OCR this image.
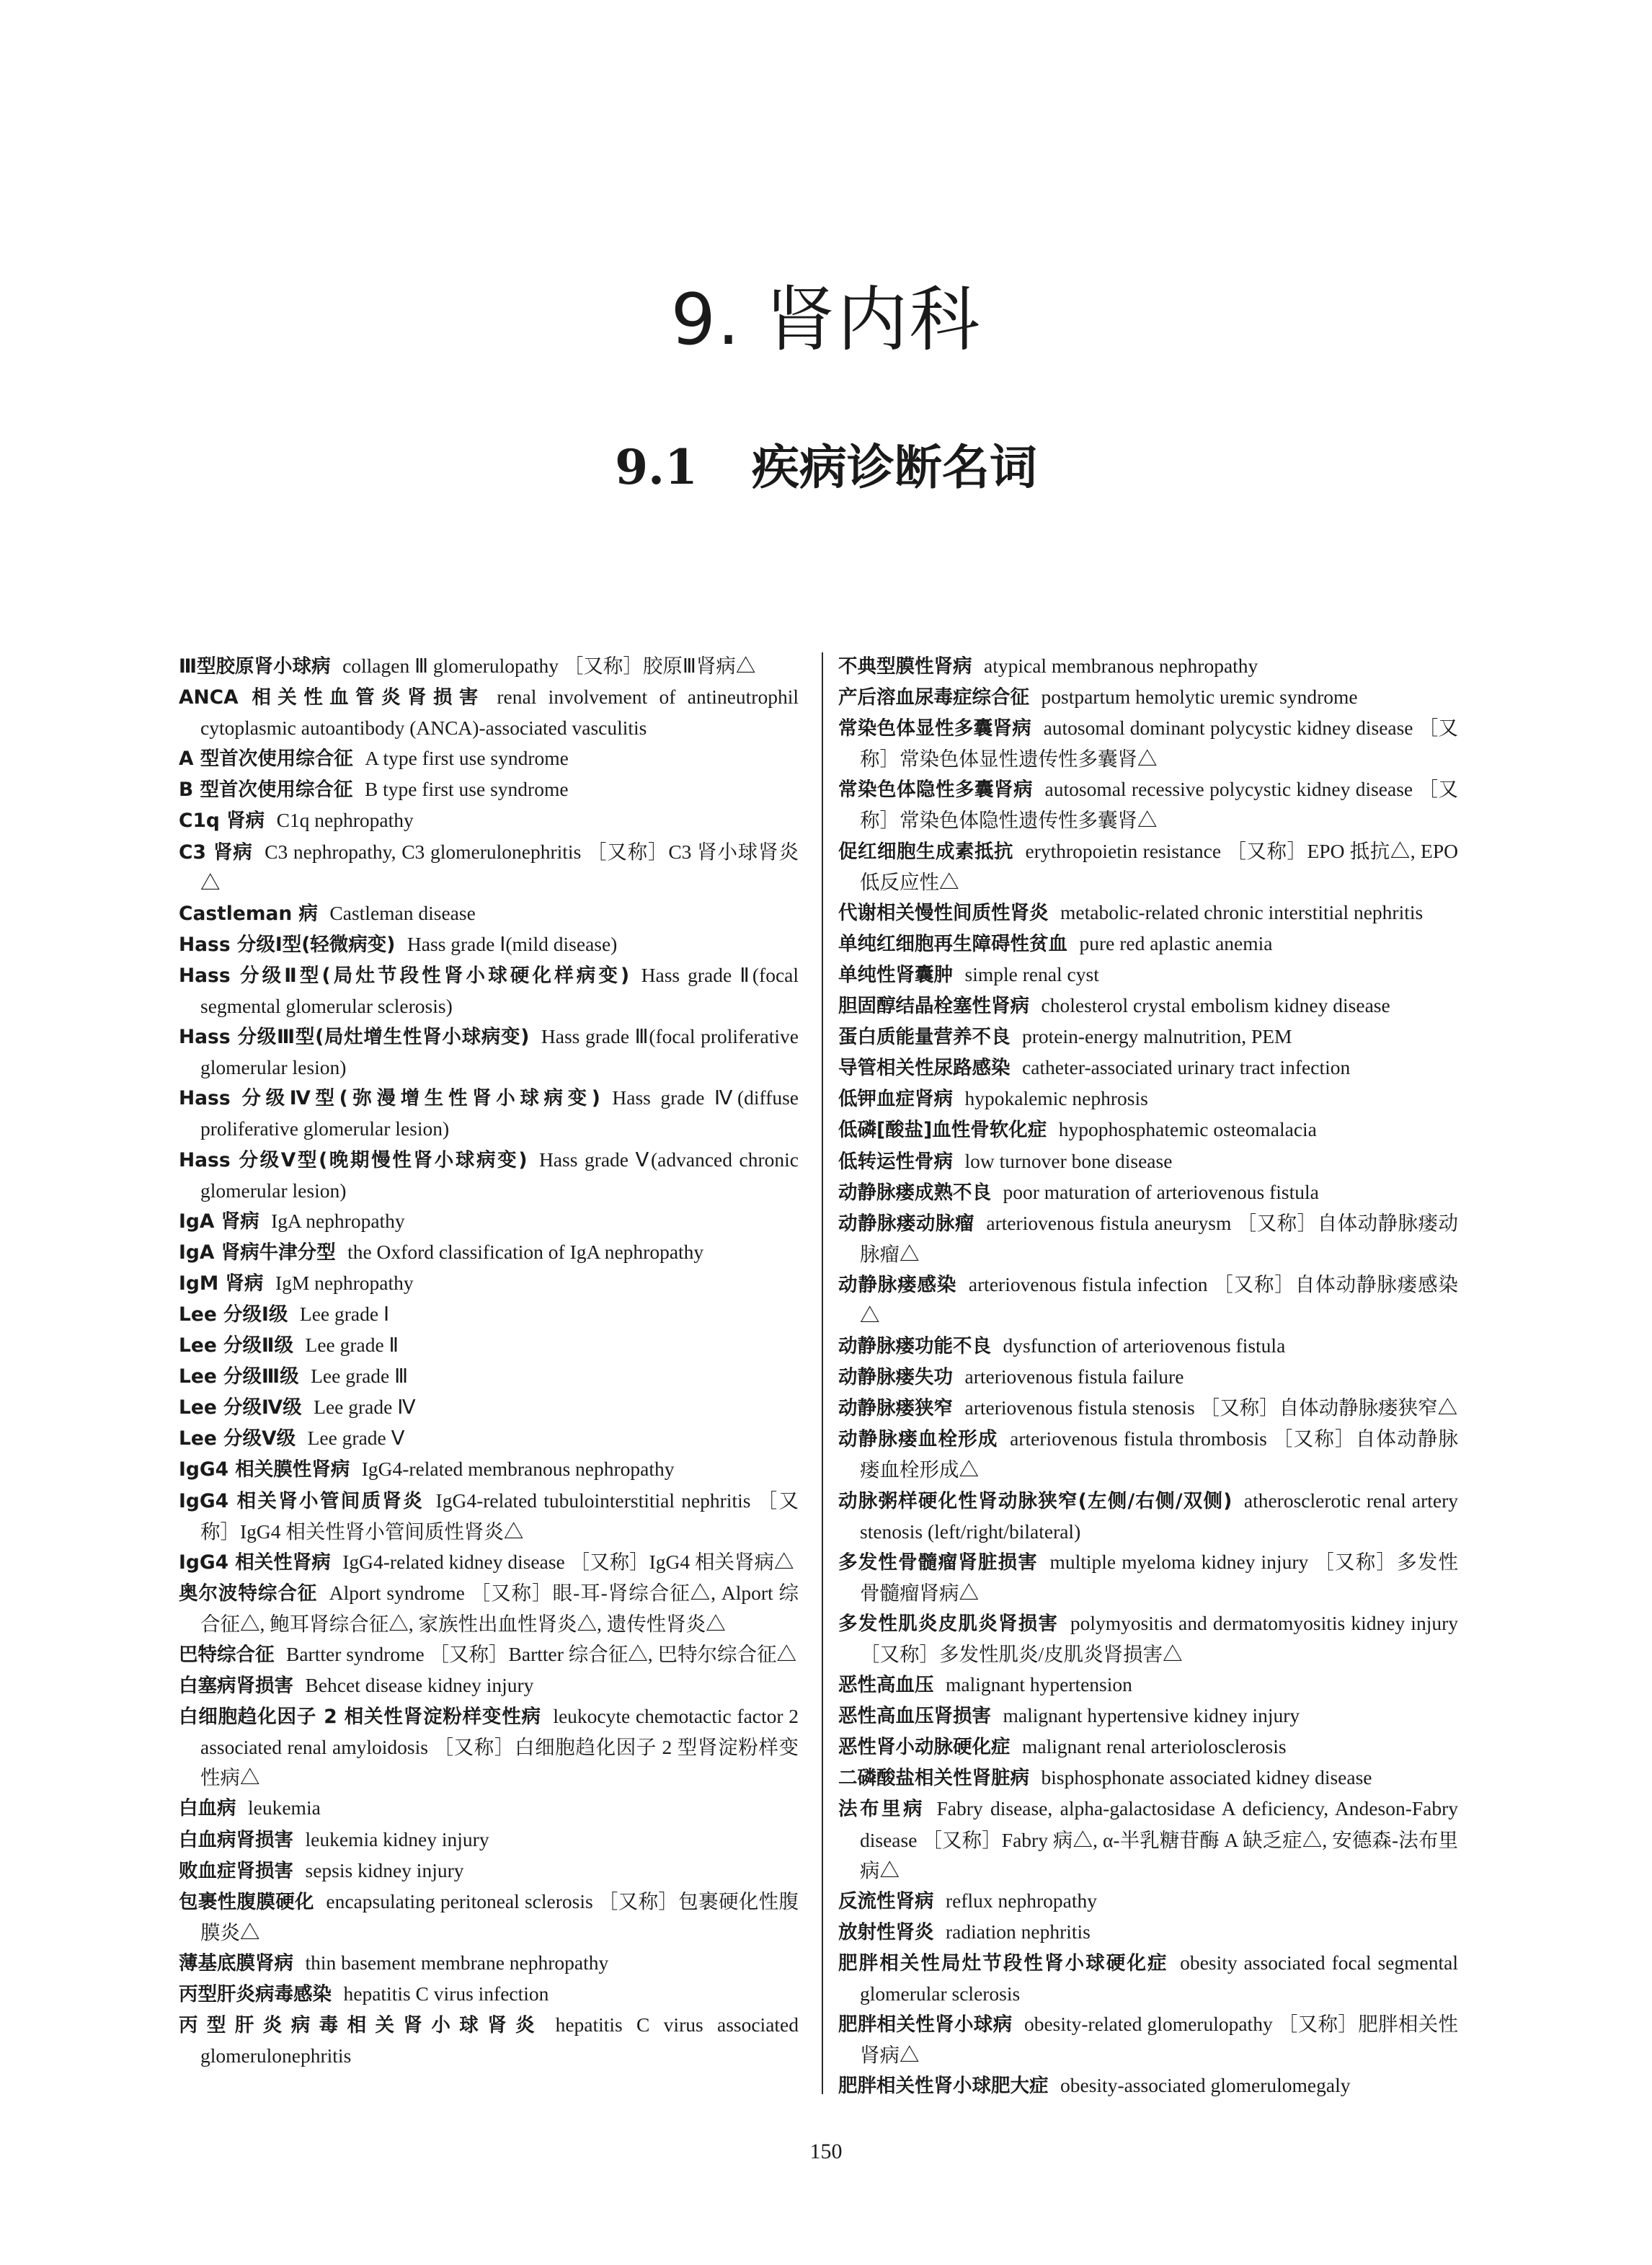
9. 肾内科
9.1 疾病诊断名词
Ⅲ型胶原肾小球病 collagen Ⅲ glomerulopathy ［又称］胶原Ⅲ肾病△
ANCA 相关性血管炎肾损害 renal involvement of antineutrophil cytoplasmic autoantibody (ANCA)-associated vasculitis
A 型首次使用综合征 A type first use syndrome
B 型首次使用综合征 B type first use syndrome
C1q 肾病 C1q nephropathy
C3 肾病 C3 nephropathy, C3 glomerulonephritis ［又称］C3 肾小球肾炎△
Castleman 病 Castleman disease
Hass 分级Ⅰ型(轻微病变) Hass grade Ⅰ(mild disease)
Hass 分级Ⅱ型(局灶节段性肾小球硬化样病变) Hass grade Ⅱ(focal segmental glomerular sclerosis)
Hass 分级Ⅲ型(局灶增生性肾小球病变) Hass grade Ⅲ(focal proliferative glomerular lesion)
Hass 分级Ⅳ型(弥漫增生性肾小球病变) Hass grade Ⅳ(diffuse proliferative glomerular lesion)
Hass 分级Ⅴ型(晚期慢性肾小球病变) Hass grade Ⅴ(advanced chronic glomerular lesion)
IgA 肾病 IgA nephropathy
IgA 肾病牛津分型 the Oxford classification of IgA nephropathy
IgM 肾病 IgM nephropathy
Lee 分级Ⅰ级 Lee grade Ⅰ
Lee 分级Ⅱ级 Lee grade Ⅱ
Lee 分级Ⅲ级 Lee grade Ⅲ
Lee 分级Ⅳ级 Lee grade Ⅳ
Lee 分级Ⅴ级 Lee grade Ⅴ
IgG4 相关膜性肾病 IgG4-related membranous nephropathy
IgG4 相关肾小管间质肾炎 IgG4-related tubulointerstitial nephritis ［又称］IgG4 相关性肾小管间质性肾炎△
IgG4 相关性肾病 IgG4-related kidney disease ［又称］IgG4 相关肾病△
奥尔波特综合征 Alport syndrome ［又称］眼-耳-肾综合征△, Alport 综合征△, 鲍耳肾综合征△, 家族性出血性肾炎△, 遗传性肾炎△
巴特综合征 Bartter syndrome ［又称］Bartter 综合征△, 巴特尔综合征△
白塞病肾损害 Behcet disease kidney injury
白细胞趋化因子 2 相关性肾淀粉样变性病 leukocyte chemotactic factor 2 associated renal amyloidosis ［又称］白细胞趋化因子 2 型肾淀粉样变性病△
白血病 leukemia
白血病肾损害 leukemia kidney injury
败血症肾损害 sepsis kidney injury
包裹性腹膜硬化 encapsulating peritoneal sclerosis ［又称］包裹硬化性腹膜炎△
薄基底膜肾病 thin basement membrane nephropathy
丙型肝炎病毒感染 hepatitis C virus infection
丙型肝炎病毒相关肾小球肾炎 hepatitis C virus associated glomerulonephritis
不典型膜性肾病 atypical membranous nephropathy
产后溶血尿毒症综合征 postpartum hemolytic uremic syndrome
常染色体显性多囊肾病 autosomal dominant polycystic kidney disease ［又称］常染色体显性遗传性多囊肾△
常染色体隐性多囊肾病 autosomal recessive polycystic kidney disease ［又称］常染色体隐性遗传性多囊肾△
促红细胞生成素抵抗 erythropoietin resistance ［又称］EPO 抵抗△, EPO 低反应性△
代谢相关慢性间质性肾炎 metabolic-related chronic interstitial nephritis
单纯红细胞再生障碍性贫血 pure red aplastic anemia
单纯性肾囊肿 simple renal cyst
胆固醇结晶栓塞性肾病 cholesterol crystal embolism kidney disease
蛋白质能量营养不良 protein-energy malnutrition, PEM
导管相关性尿路感染 catheter-associated urinary tract infection
低钾血症肾病 hypokalemic nephrosis
低磷[酸盐]血性骨软化症 hypophosphatemic osteomalacia
低转运性骨病 low turnover bone disease
动静脉瘘成熟不良 poor maturation of arteriovenous fistula
动静脉瘘动脉瘤 arteriovenous fistula aneurysm ［又称］自体动静脉瘘动脉瘤△
动静脉瘘感染 arteriovenous fistula infection ［又称］自体动静脉瘘感染△
动静脉瘘功能不良 dysfunction of arteriovenous fistula
动静脉瘘失功 arteriovenous fistula failure
动静脉瘘狭窄 arteriovenous fistula stenosis ［又称］自体动静脉瘘狭窄△
动静脉瘘血栓形成 arteriovenous fistula thrombosis ［又称］自体动静脉瘘血栓形成△
动脉粥样硬化性肾动脉狭窄(左侧/右侧/双侧) atherosclerotic renal artery stenosis (left/right/bilateral)
多发性骨髓瘤肾脏损害 multiple myeloma kidney injury ［又称］多发性骨髓瘤肾病△
多发性肌炎皮肌炎肾损害 polymyositis and dermatomyositis kidney injury ［又称］多发性肌炎/皮肌炎肾损害△
恶性高血压 malignant hypertension
恶性高血压肾损害 malignant hypertensive kidney injury
恶性肾小动脉硬化症 malignant renal arteriolosclerosis
二磷酸盐相关性肾脏病 bisphosphonate associated kidney disease
法布里病 Fabry disease, alpha-galactosidase A deficiency, Andeson-Fabry disease ［又称］Fabry 病△, α-半乳糖苷酶 A 缺乏症△, 安德森-法布里病△
反流性肾病 reflux nephropathy
放射性肾炎 radiation nephritis
肥胖相关性局灶节段性肾小球硬化症 obesity associated focal segmental glomerular sclerosis
肥胖相关性肾小球病 obesity-related glomerulopathy ［又称］肥胖相关性肾病△
肥胖相关性肾小球肥大症 obesity-associated glomerulomegaly
150
